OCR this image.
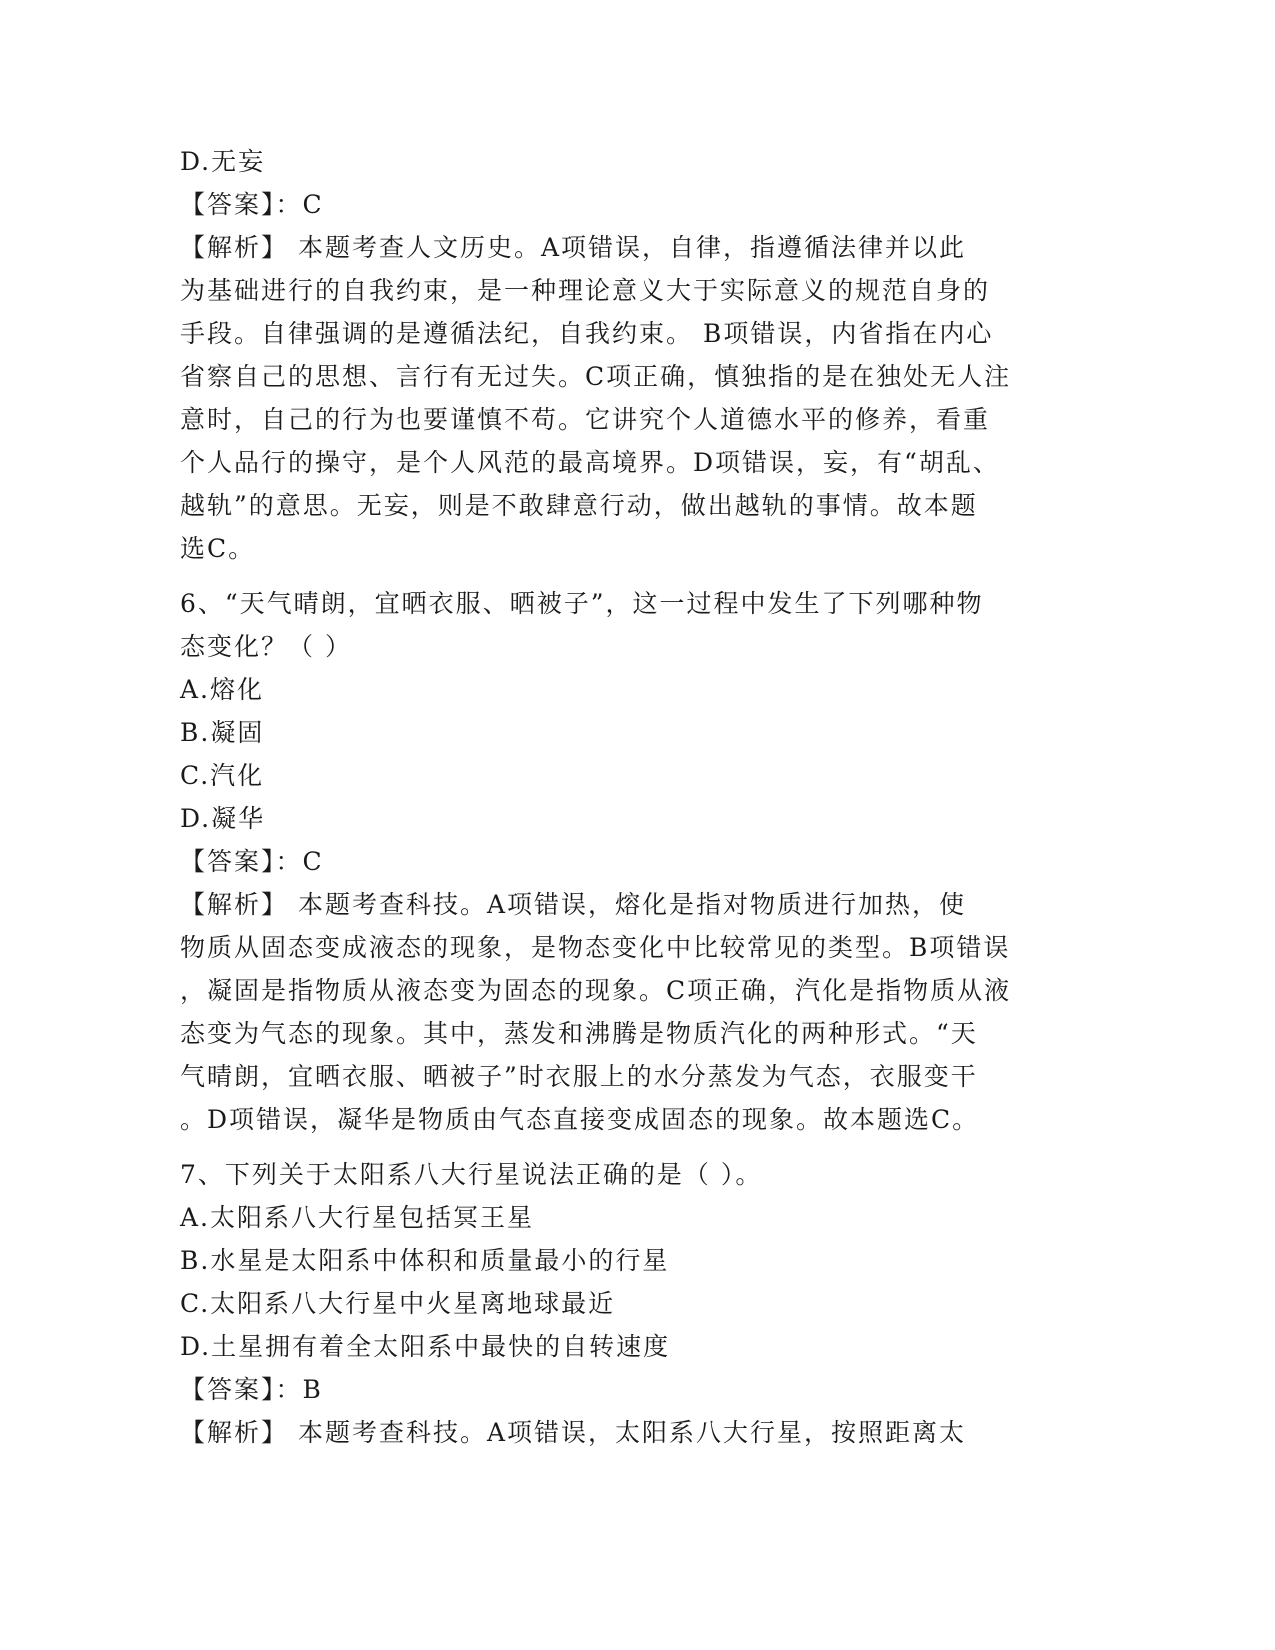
D.无妄
【答案】：C
【解析】 本题考查人文历史。A项错误，自律，指遵循法律并以此
为基础进行的自我约束，是一种理论意义大于实际意义的规范自身的
手段。自律强调的是遵循法纪，自我约束。 B项错误，内省指在内心
省察自己的思想、言行有无过失。C项正确，慎独指的是在独处无人注
意时，自己的行为也要谨慎不苟。它讲究个人道德水平的修养，看重
个人品行的操守，是个人风范的最高境界。D项错误，妄，有“胡乱、
越轨”的意思。无妄，则是不敢肆意行动，做出越轨的事情。故本题
选C。
6、“天气晴朗，宜晒衣服、晒被子”，这一过程中发生了下列哪种物
态变化？（ ）
A.熔化
B.凝固
C.汽化
D.凝华
【答案】：C
【解析】 本题考查科技。A项错误，熔化是指对物质进行加热，使
物质从固态变成液态的现象，是物态变化中比较常见的类型。B项错误
，凝固是指物质从液态变为固态的现象。C项正确，汽化是指物质从液
态变为气态的现象。其中，蒸发和沸腾是物质汽化的两种形式。“天
气晴朗，宜晒衣服、晒被子”时衣服上的水分蒸发为气态，衣服变干
。D项错误，凝华是物质由气态直接变成固态的现象。故本题选C。
7、下列关于太阳系八大行星说法正确的是（ ）。
A.太阳系八大行星包括冥王星
B.水星是太阳系中体积和质量最小的行星
C.太阳系八大行星中火星离地球最近
D.土星拥有着全太阳系中最快的自转速度
【答案】：B
【解析】 本题考查科技。A项错误，太阳系八大行星，按照距离太
